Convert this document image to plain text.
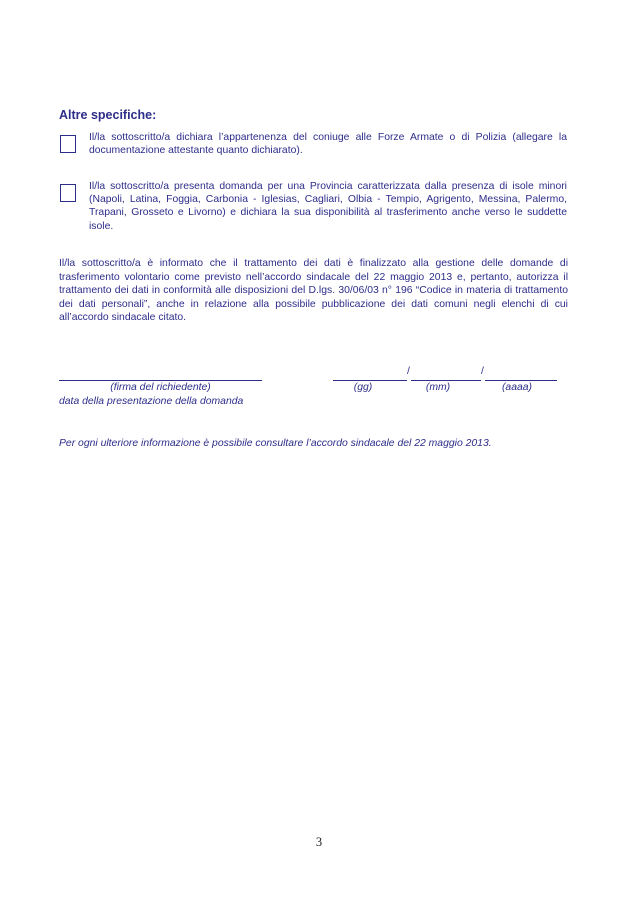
Altre specifiche:
Il/la sottoscritto/a dichiara l’appartenenza del coniuge alle Forze Armate o di Polizia (allegare la documentazione attestante quanto dichiarato).
Il/la sottoscritto/a presenta domanda per una Provincia caratterizzata dalla presenza di isole minori (Napoli, Latina, Foggia, Carbonia - Iglesias, Cagliari, Olbia - Tempio, Agrigento, Messina, Palermo, Trapani, Grosseto e Livorno) e dichiara la sua disponibilità al trasferimento anche verso le suddette isole.
Il/la sottoscritto/a è informato che il trattamento dei dati è finalizzato alla gestione delle domande di trasferimento volontario come previsto nell’accordo sindacale del 22 maggio 2013 e, pertanto, autorizza il trattamento dei dati in conformità alle disposizioni del D.lgs. 30/06/03 n° 196 “Codice in materia di trattamento dei dati personali”, anche in relazione alla possibile pubblicazione dei dati comuni negli elenchi di cui all’accordo sindacale citato.
(firma del richiedente)
data della presentazione della domanda
/	/
(gg)	(mm)	(aaaa)
Per ogni ulteriore informazione è possibile consultare l’accordo sindacale del 22 maggio 2013.
3
